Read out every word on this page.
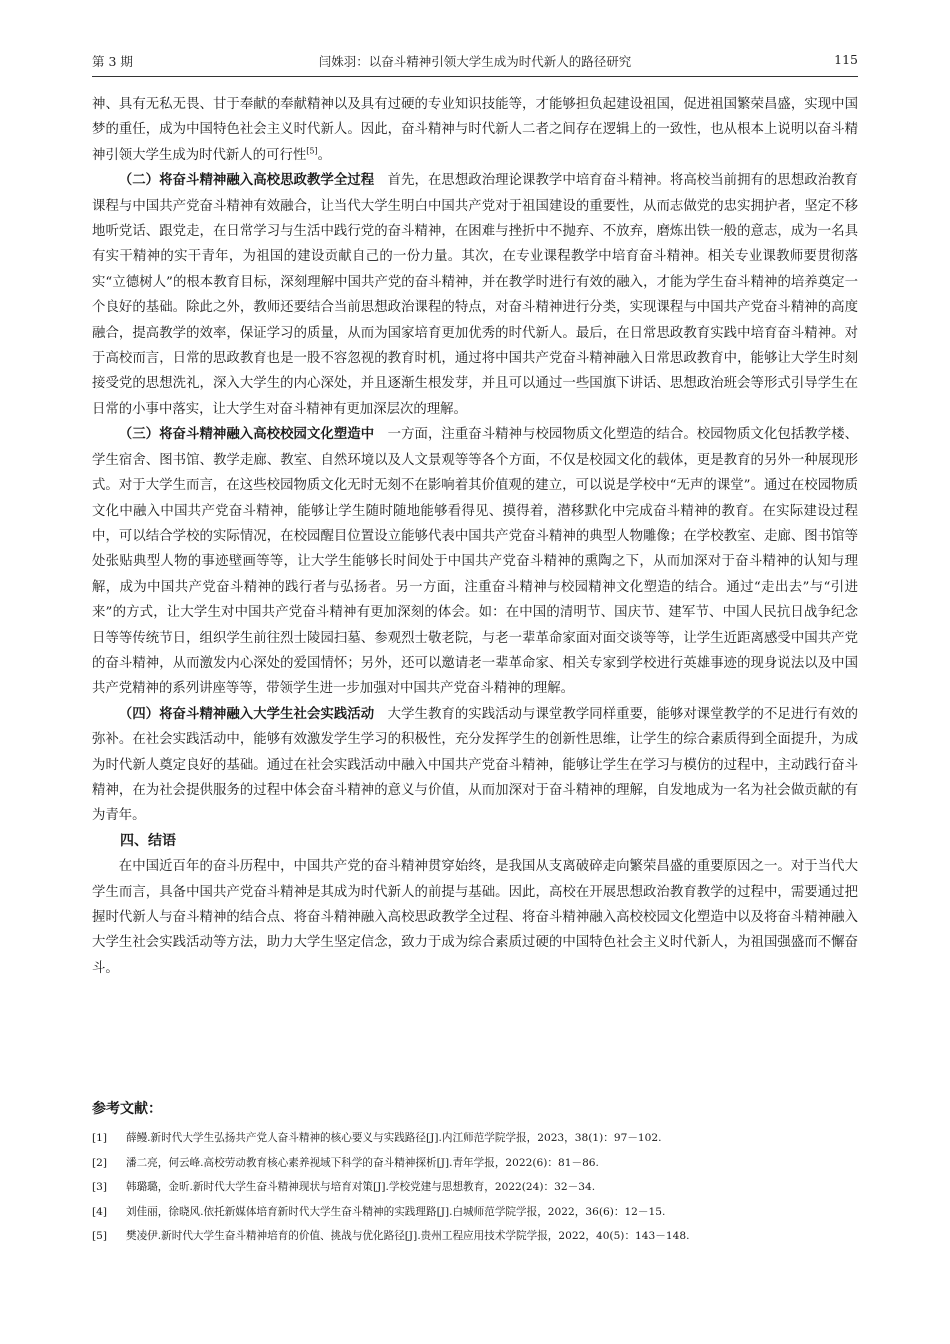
第 3 期	闫姝羽：以奋斗精神引领大学生成为时代新人的路径研究	115

神、具有无私无畏、甘于奉献的奉献精神以及具有过硬的专业知识技能等，才能够担负起建设祖国，促进祖国繁荣昌盛，实现中国梦的重任，成为中国特色社会主义时代新人。因此，奋斗精神与时代新人二者之间存在逻辑上的一致性，也从根本上说明以奋斗精神引领大学生成为时代新人的可行性[5]。

（二）将奋斗精神融入高校思政教学全过程　 首先，在思想政治理论课教学中培育奋斗精神。将高校当前拥有的思想政治教育课程与中国共产党奋斗精神有效融合，让当代大学生明白中国共产党对于祖国建设的重要性，从而志做党的忠实拥护者，坚定不移地听党话、跟党走，在日常学习与生活中践行党的奋斗精神，在困难与挫折中不抛弃、不放弃，磨炼出铁一般的意志，成为一名具有实干精神的实干青年，为祖国的建设贡献自己的一份力量。其次，在专业课程教学中培育奋斗精神。相关专业课教师要贯彻落实“立德树人”的根本教育目标，深刻理解中国共产党的奋斗精神，并在教学时进行有效的融入，才能为学生奋斗精神的培养奠定一个良好的基础。除此之外，教师还要结合当前思想政治课程的特点，对奋斗精神进行分类，实现课程与中国共产党奋斗精神的高度融合，提高教学的效率，保证学习的质量，从而为国家培育更加优秀的时代新人。最后，在日常思政教育实践中培育奋斗精神。对于高校而言，日常的思政教育也是一股不容忽视的教育时机，通过将中国共产党奋斗精神融入日常思政教育中，能够让大学生时刻接受党的思想洗礼，深入大学生的内心深处，并且逐渐生根发芽，并且可以通过一些国旗下讲话、思想政治班会等形式引导学生在日常的小事中落实，让大学生对奋斗精神有更加深层次的理解。

（三）将奋斗精神融入高校校园文化塑造中　 一方面，注重奋斗精神与校园物质文化塑造的结合。校园物质文化包括教学楼、学生宿舍、图书馆、教学走廊、教室、自然环境以及人文景观等等各个方面，不仅是校园文化的载体，更是教育的另外一种展现形式。对于大学生而言，在这些校园物质文化无时无刻不在影响着其价值观的建立，可以说是学校中“无声的课堂”。通过在校园物质文化中融入中国共产党奋斗精神，能够让学生随时随地能够看得见、摸得着，潜移默化中完成奋斗精神的教育。在实际建设过程中，可以结合学校的实际情况，在校园醒目位置设立能够代表中国共产党奋斗精神的典型人物雕像；在学校教室、走廊、图书馆等处张贴典型人物的事迹壁画等等，让大学生能够长时间处于中国共产党奋斗精神的熏陶之下，从而加深对于奋斗精神的认知与理解，成为中国共产党奋斗精神的践行者与弘扬者。另一方面，注重奋斗精神与校园精神文化塑造的结合。通过“走出去”与“引进来”的方式，让大学生对中国共产党奋斗精神有更加深刻的体会。如：在中国的清明节、国庆节、建军节、中国人民抗日战争纪念日等等传统节日，组织学生前往烈士陵园扫墓、参观烈士敬老院，与老一辈革命家面对面交谈等等，让学生近距离感受中国共产党的奋斗精神，从而激发内心深处的爱国情怀；另外，还可以邀请老一辈革命家、相关专家到学校进行英雄事迹的现身说法以及中国共产党精神的系列讲座等等，带领学生进一步加强对中国共产党奋斗精神的理解。

（四）将奋斗精神融入大学生社会实践活动　 大学生教育的实践活动与课堂教学同样重要，能够对课堂教学的不足进行有效的弥补。在社会实践活动中，能够有效激发学生学习的积极性，充分发挥学生的创新性思维，让学生的综合素质得到全面提升，为成为时代新人奠定良好的基础。通过在社会实践活动中融入中国共产党奋斗精神，能够让学生在学习与模仿的过程中，主动践行奋斗精神，在为社会提供服务的过程中体会奋斗精神的意义与价值，从而加深对于奋斗精神的理解，自发地成为一名为社会做贡献的有为青年。

四、结语

在中国近百年的奋斗历程中，中国共产党的奋斗精神贯穿始终，是我国从支离破碎走向繁荣昌盛的重要原因之一。对于当代大学生而言，具备中国共产党奋斗精神是其成为时代新人的前提与基础。因此，高校在开展思想政治教育教学的过程中，需要通过把握时代新人与奋斗精神的结合点、将奋斗精神融入高校思政教学全过程、将奋斗精神融入高校校园文化塑造中以及将奋斗精神融入大学生社会实践活动等方法，助力大学生坚定信念，致力于成为综合素质过硬的中国特色社会主义时代新人，为祖国强盛而不懈奋斗。

参考文献：
[1] 薛鳗.新时代大学生弘扬共产党人奋斗精神的核心要义与实践路径[J].内江师范学院学报，2023，38(1)：97－102.
[2] 潘二亮，何云峰.高校劳动教育核心素养视域下科学的奋斗精神探析[J].青年学报，2022(6)：81－86.
[3] 韩璐璐，金昕.新时代大学生奋斗精神现状与培育对策[J].学校党建与思想教育，2022(24)：32－34.
[4] 刘佳丽，徐晓风.依托新媒体培育新时代大学生奋斗精神的实践理路[J].白城师范学院学报，2022，36(6)：12－15.
[5] 樊凌伊.新时代大学生奋斗精神培育的价值、挑战与优化路径[J].贵州工程应用技术学院学报，2022，40(5)：143－148.
